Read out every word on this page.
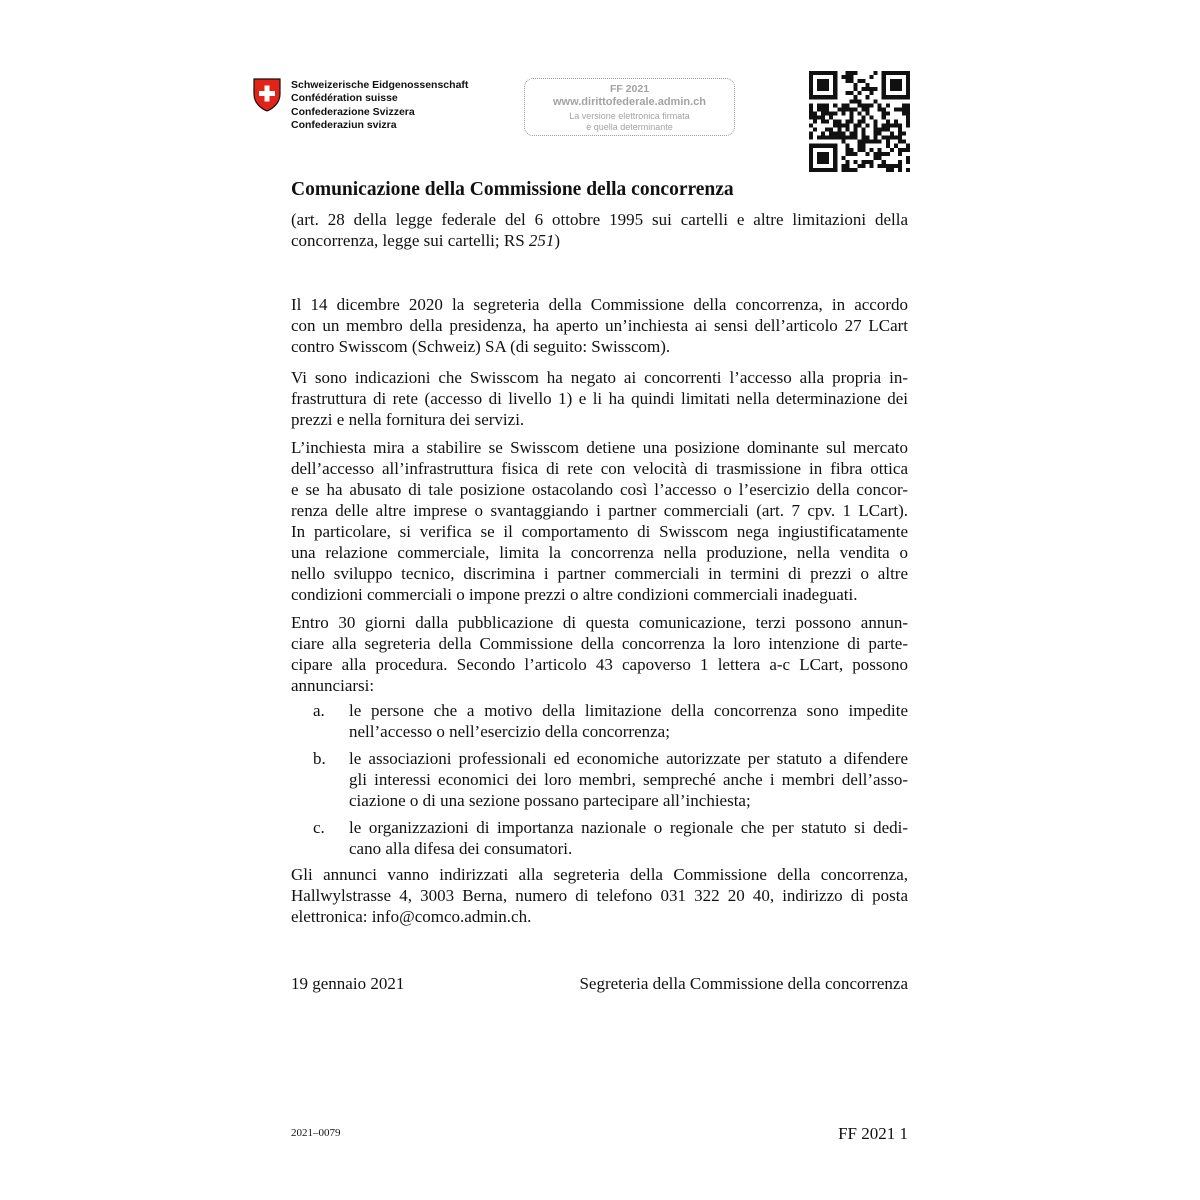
Schweizerische Eidgenossenschaft
Confédération suisse
Confederazione Svizzera
Confederaziun svizra
FF 2021
www.dirittofederale.admin.ch
La versione elettronica firmata
è quella determinante
Comunicazione della Commissione della concorrenza
(art. 28 della legge federale del 6 ottobre 1995 sui cartelli e altre limitazioni della
concorrenza, legge sui cartelli; RS 251)
Il 14 dicembre 2020 la segreteria della Commissione della concorrenza, in accordo
con un membro della presidenza, ha aperto un’inchiesta ai sensi dell’articolo 27 LCart
contro Swisscom (Schweiz) SA (di seguito: Swisscom).
Vi sono indicazioni che Swisscom ha negato ai concorrenti l’accesso alla propria in-
frastruttura di rete (accesso di livello 1) e li ha quindi limitati nella determinazione dei
prezzi e nella fornitura dei servizi.
L’inchiesta mira a stabilire se Swisscom detiene una posizione dominante sul mercato
dell’accesso all’infrastruttura fisica di rete con velocità di trasmissione in fibra ottica
e se ha abusato di tale posizione ostacolando così l’accesso o l’esercizio della concor-
renza delle altre imprese o svantaggiando i partner commerciali (art. 7 cpv. 1 LCart).
In particolare, si verifica se il comportamento di Swisscom nega ingiustificatamente
una relazione commerciale, limita la concorrenza nella produzione, nella vendita o
nello sviluppo tecnico, discrimina i partner commerciali in termini di prezzi o altre
condizioni commerciali o impone prezzi o altre condizioni commerciali inadeguati.
Entro 30 giorni dalla pubblicazione di questa comunicazione, terzi possono annun-
ciare alla segreteria della Commissione della concorrenza la loro intenzione di parte-
cipare alla procedura. Secondo l’articolo 43 capoverso 1 lettera a-c LCart, possono
annunciarsi:
a. le persone che a motivo della limitazione della concorrenza sono impedite
nell’accesso o nell’esercizio della concorrenza;
b. le associazioni professionali ed economiche autorizzate per statuto a difendere
gli interessi economici dei loro membri, sempreché anche i membri dell’asso-
ciazione o di una sezione possano partecipare all’inchiesta;
c. le organizzazioni di importanza nazionale o regionale che per statuto si dedi-
cano alla difesa dei consumatori.
Gli annunci vanno indirizzati alla segreteria della Commissione della concorrenza,
Hallwylstrasse 4, 3003 Berna, numero di telefono 031 322 20 40, indirizzo di posta
elettronica: info@comco.admin.ch.
19 gennaio 2021	Segreteria della Commissione della concorrenza
2021–0079	FF 2021 1
